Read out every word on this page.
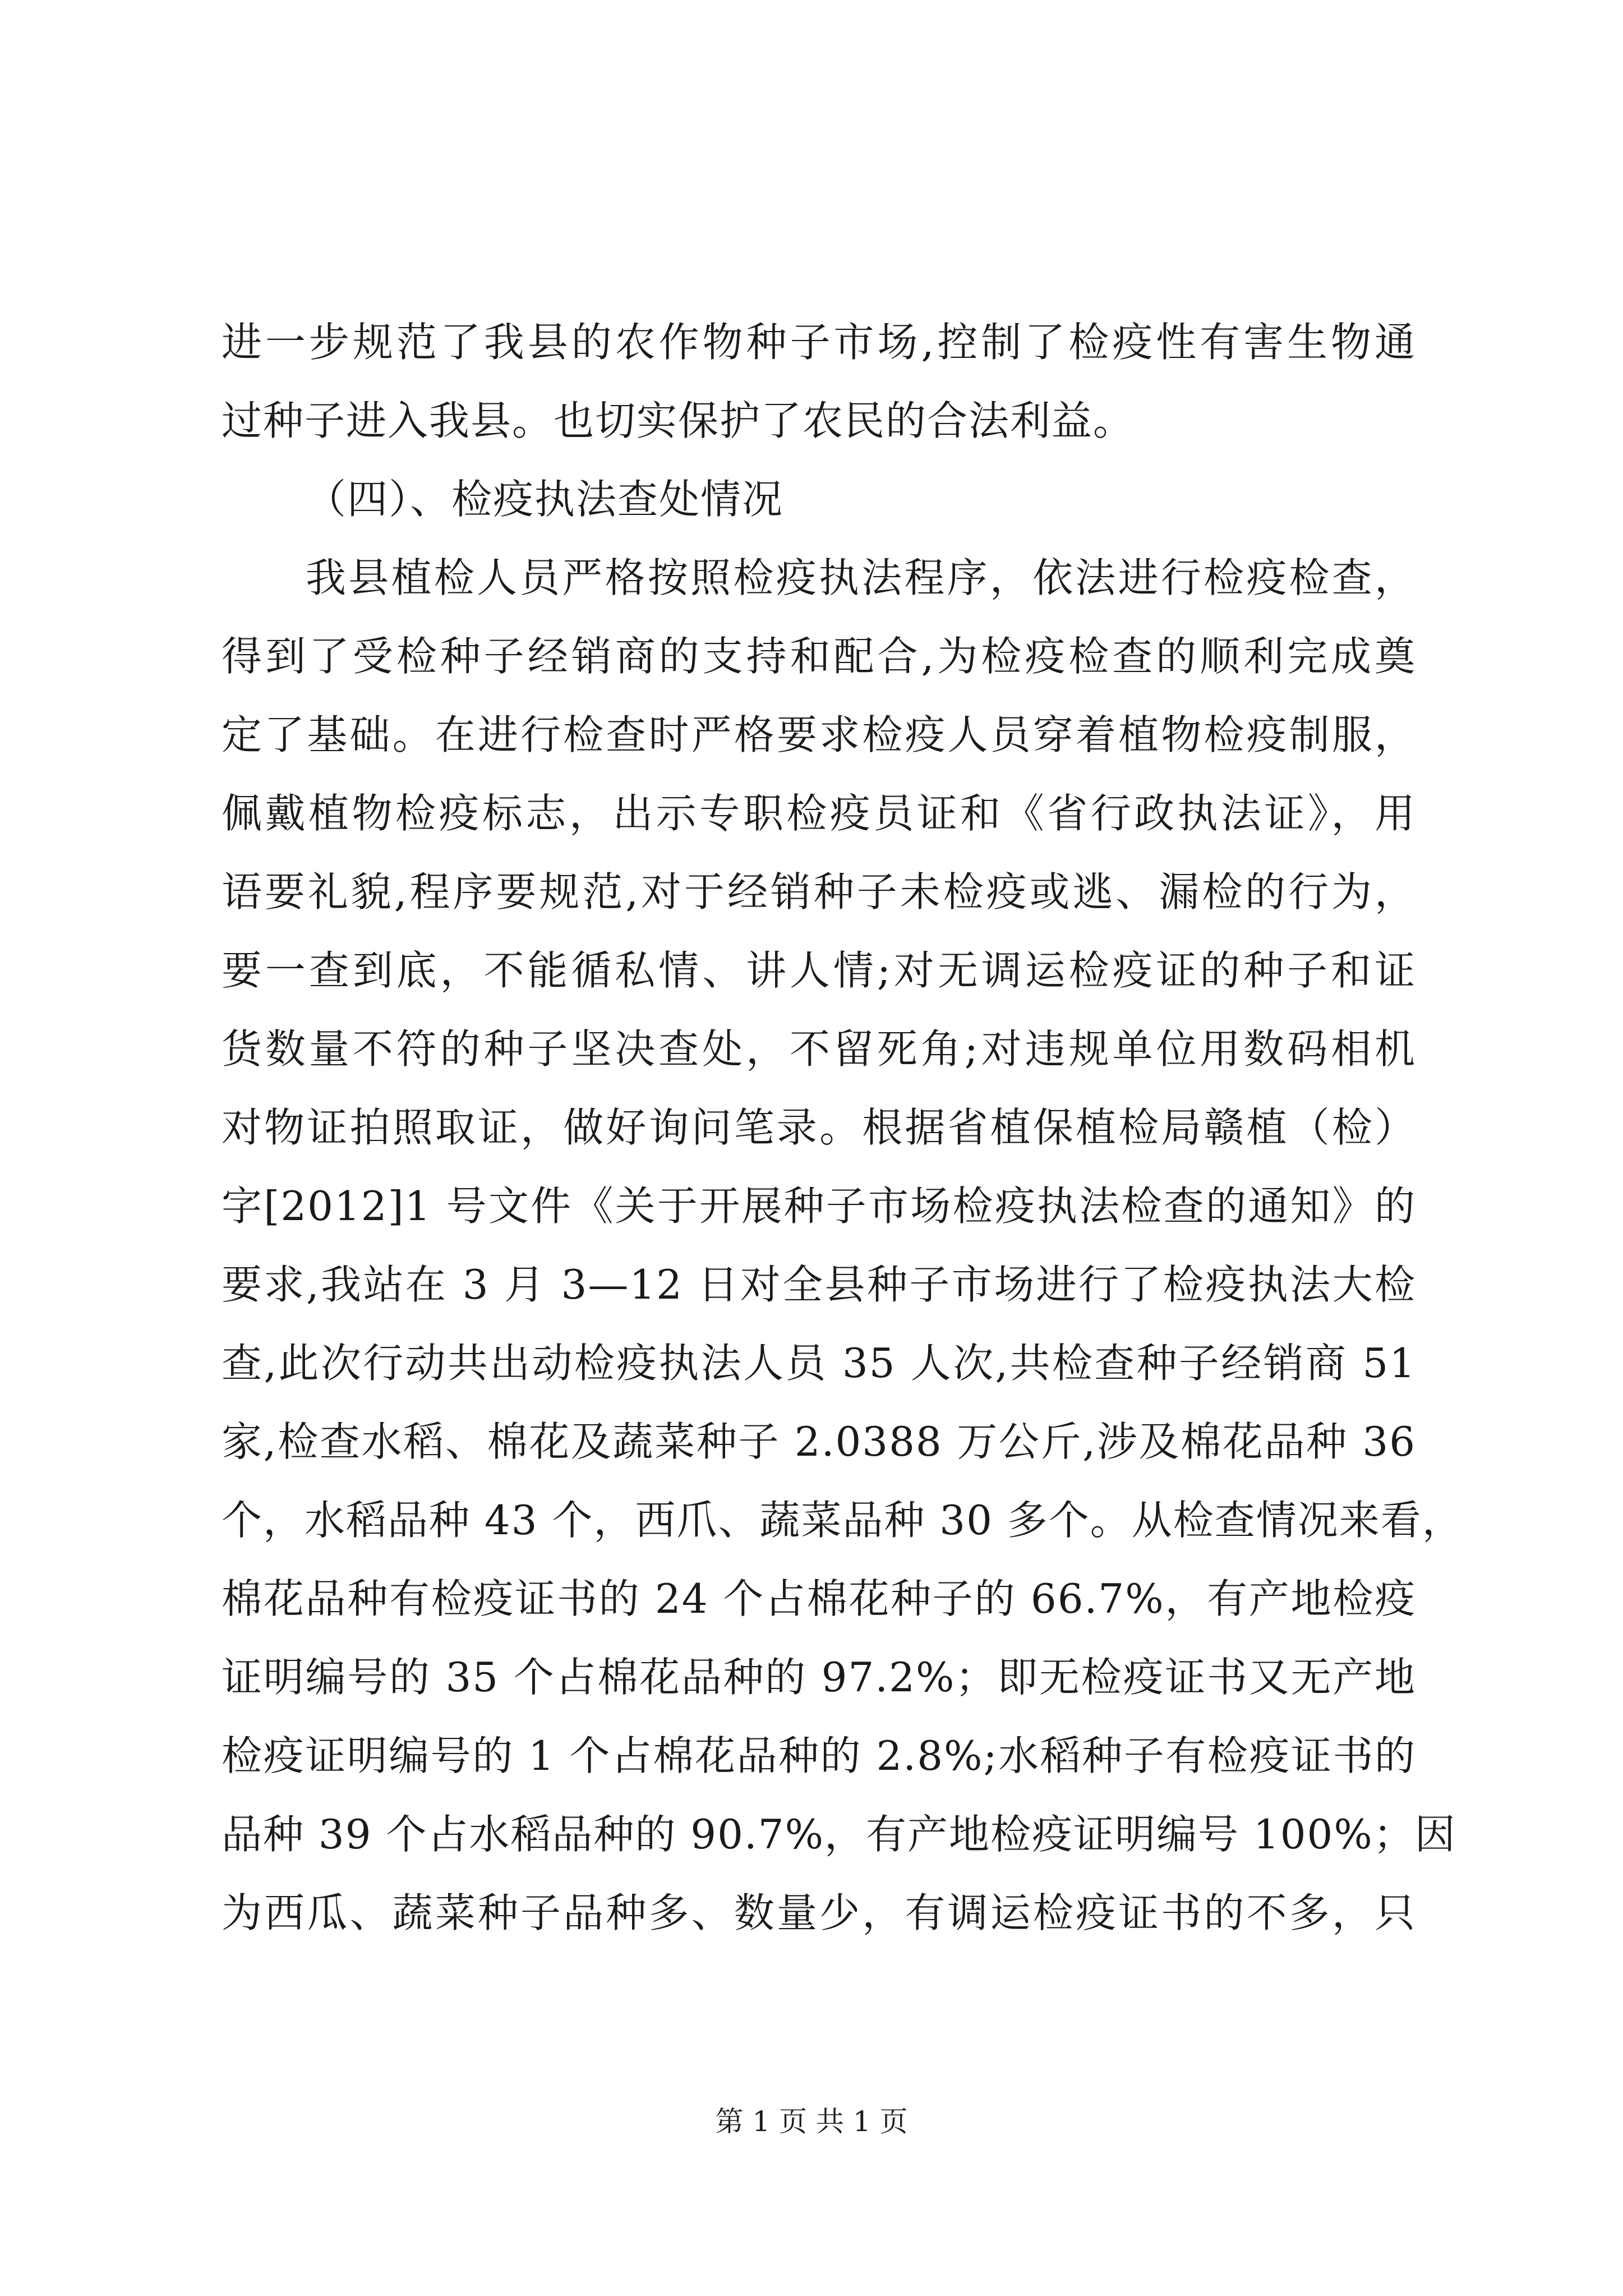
进一步规范了我县的农作物种子市场,控制了检疫性有害生物通
过种子进入我县。也切实保护了农民的合法利益。
（四）、检疫执法查处情况
我县植检人员严格按照检疫执法程序，依法进行检疫检查，
得到了受检种子经销商的支持和配合,为检疫检查的顺利完成奠
定了基础。在进行检查时严格要求检疫人员穿着植物检疫制服，
佩戴植物检疫标志，出示专职检疫员证和《省行政执法证》，用
语要礼貌,程序要规范,对于经销种子未检疫或逃、漏检的行为，
要一查到底，不能循私情、讲人情;对无调运检疫证的种子和证
货数量不符的种子坚决查处，不留死角;对违规单位用数码相机
对物证拍照取证，做好询问笔录。根据省植保植检局赣植（检）
字[2012]1 号文件《关于开展种子市场检疫执法检查的通知》的
要求,我站在 3 月 3—12 日对全县种子市场进行了检疫执法大检
查,此次行动共出动检疫执法人员 35 人次,共检查种子经销商 51
家,检查水稻、棉花及蔬菜种子 2.0388 万公斤,涉及棉花品种 36
个，水稻品种 43 个，西爪、蔬菜品种 30 多个。从检查情况来看，
棉花品种有检疫证书的 24 个占棉花种子的 66.7%，有产地检疫
证明编号的 35 个占棉花品种的 97.2%；即无检疫证书又无产地
检疫证明编号的 1 个占棉花品种的 2.8%;水稻种子有检疫证书的
品种 39 个占水稻品种的 90.7%，有产地检疫证明编号 100%；因
为西瓜、蔬菜种子品种多、数量少，有调运检疫证书的不多，只
第 1 页 共 1 页
